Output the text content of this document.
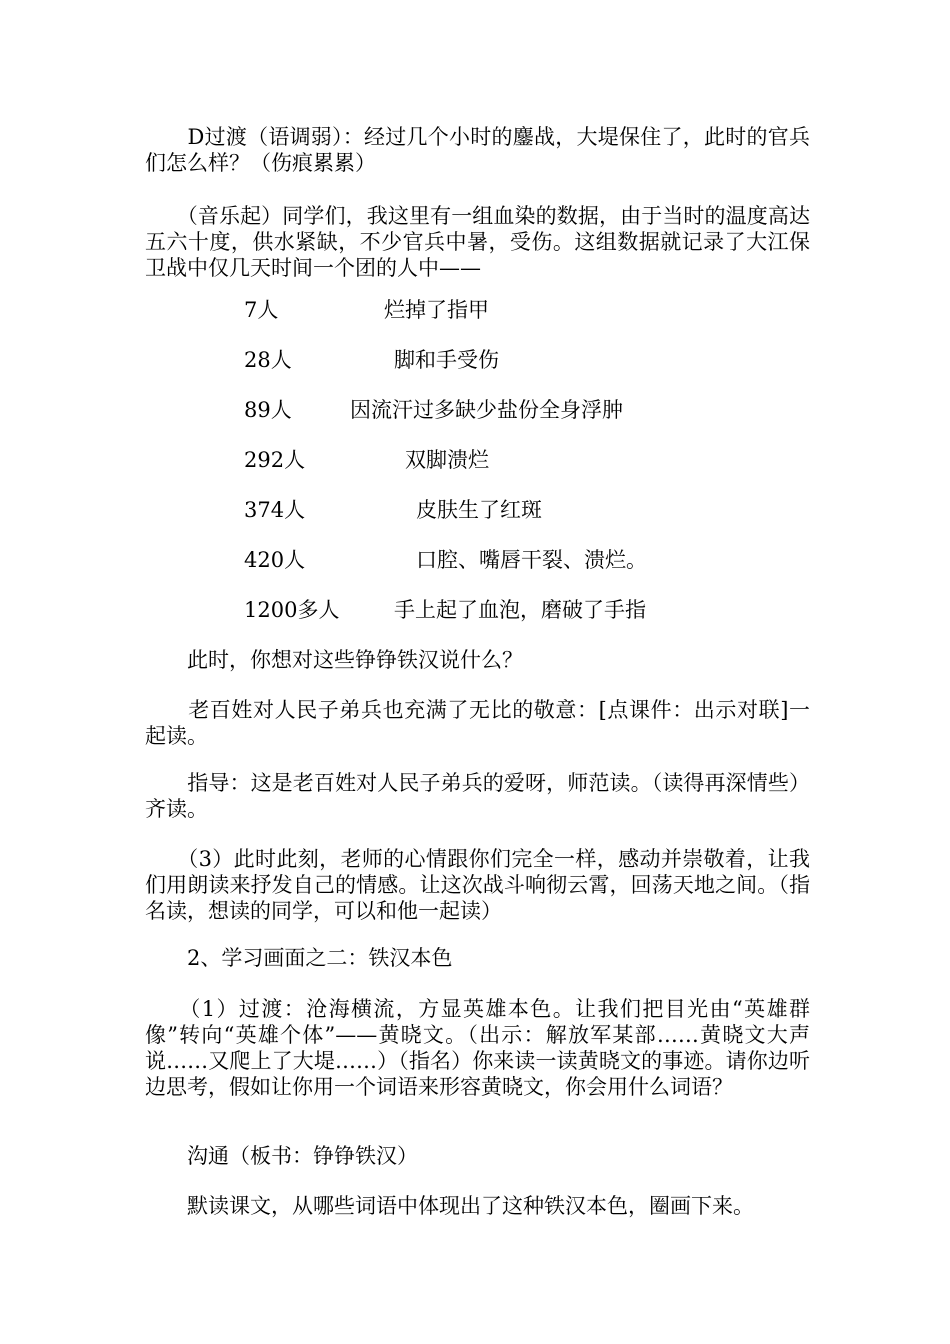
　　D过渡（语调弱）：经过几个小时的鏖战，大堤保住了，此时的官兵们怎么样？（伤痕累累）

　　（音乐起）同学们，我这里有一组血染的数据，由于当时的温度高达五六十度，供水紧缺，不少官兵中暑，受伤。这组数据就记录了大江保卫战中仅几天时间一个团的人中——

7人	烂掉了指甲
28人	脚和手受伤
89人	因流汗过多缺少盐份全身浮肿
292人	双脚溃烂
374人	皮肤生了红斑
420人	口腔、嘴唇干裂、溃烂。
1200多人	手上起了血泡，磨破了手指

　　此时，你想对这些铮铮铁汉说什么？

　　老百姓对人民子弟兵也充满了无比的敬意：[点课件：出示对联]一起读。

　　指导：这是老百姓对人民子弟兵的爱呀，师范读。（读得再深情些）齐读。

　　（3）此时此刻，老师的心情跟你们完全一样，感动并崇敬着，让我们用朗读来抒发自己的情感。让这次战斗响彻云霄，回荡天地之间。（指名读，想读的同学，可以和他一起读）

　　2、学习画面之二：铁汉本色

　　（1）过渡：沧海横流，方显英雄本色。让我们把目光由“英雄群像”转向“英雄个体”——黄晓文。（出示：解放军某部……黄晓文大声说……又爬上了大堤……）（指名）你来读一读黄晓文的事迹。请你边听边思考，假如让你用一个词语来形容黄晓文，你会用什么词语？

　　沟通（板书：铮铮铁汉）

　　默读课文，从哪些词语中体现出了这种铁汉本色，圈画下来。
